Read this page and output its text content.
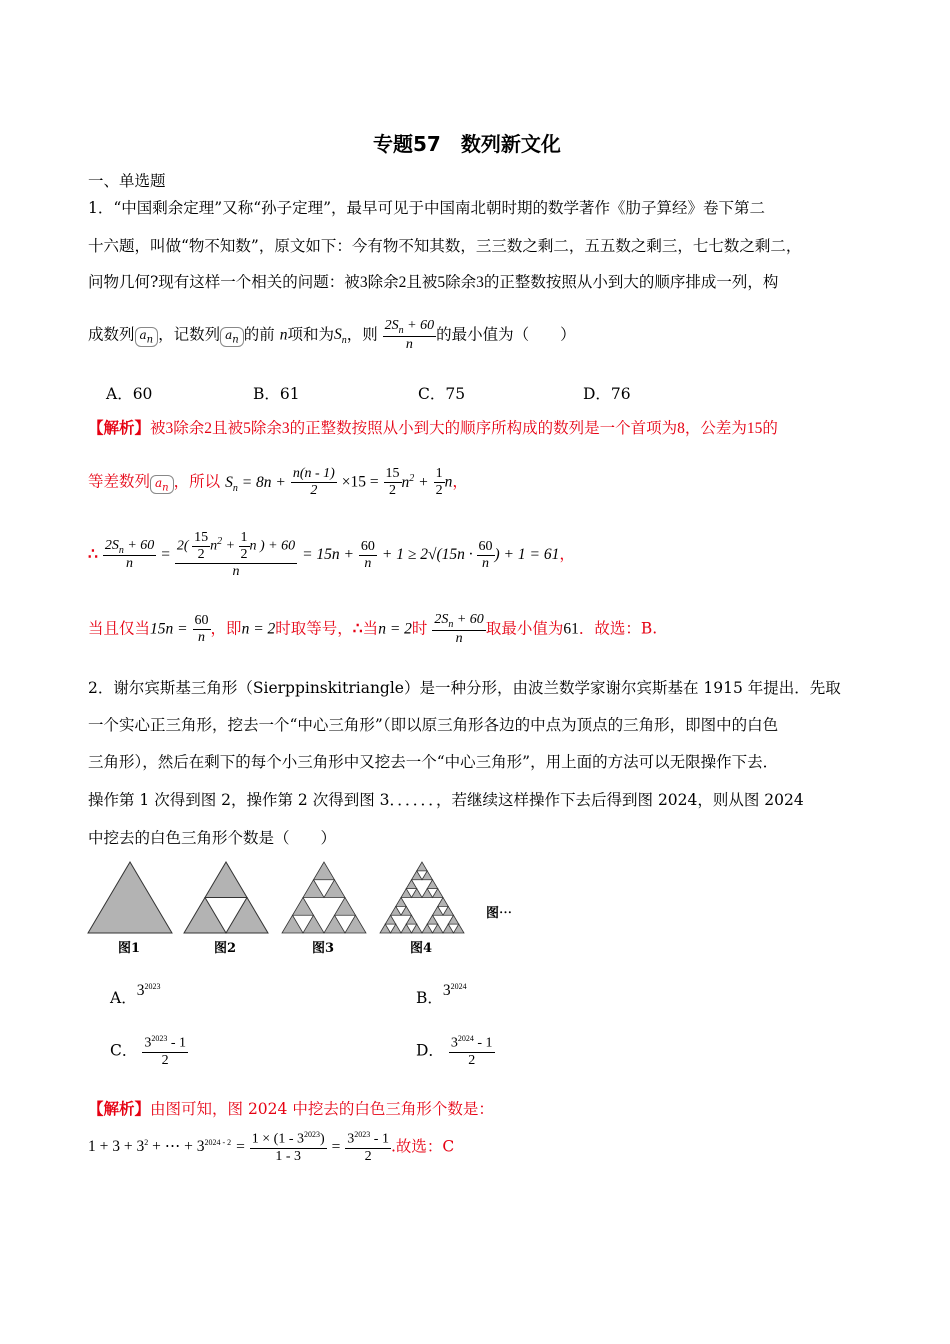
专题57　数列新文化
一、单选题
1．“中国剩余定理”又称“孙子定理”，最早可见于中国南北朝时期的数学著作《肋子算经》卷下第二
十六题，叫做“物不知数”，原文如下：今有物不知其数，三三数之剩二，五五数之剩三，七七数之剩二，
问物几何?现有这样一个相关的问题：被3除余2且被5除余3的正整数按照从小到大的顺序排成一列，构
成数列 $a_n$ ，记数列 $a_n$ 的前 n项和为$S_n$，则 $\frac{2S_n + 60}{n}$ 的最小值为（　　）
A．60	B．61	C．75	D．76
【解析】被3除余2且被5除余3的正整数按照从小到大的顺序所构成的数列是一个首项为8，公差为15的
等差数列 $a_n$ ，所以 $S_n = 8n + \frac{n(n - 1)}{2} \times 15 = \frac{15}{2} n^2 + \frac{1}{2}$ n，
∴ $\frac{2S_n + 60}{n} = \frac{2( \frac{15}{2} n^2 + \frac{1}{2} n ) + 60}{n} = 15n + \frac{60}{n} + 1 \ge 2√(15n \cdot \frac{60}{n}$ ) + 1 = 61，
当且仅当$15n = \frac{60}{n}$ ，即n = 2时取等号，∴当n = 2时 $\frac{2S_n + 60}{n}$ 取最小值为61．故选：B.
2．谢尔宾斯基三角形（Sierppinskitriangle）是一种分形，由波兰数学家谢尔宾斯基在 1915 年提出．先取
一个实心正三角形，挖去一个“中心三角形”（即以原三角形各边的中点为顶点的三角形，即图中的白色
三角形），然后在剩下的每个小三角形中又挖去一个“中心三角形”，用上面的方法可以无限操作下去．
操作第 1 次得到图 2，操作第 2 次得到图 3．．．．．．，若继续这样操作下去后得到图 2024，则从图 2024
中挖去的白色三角形个数是（　　）
图1	图2	图3	图4
图⋯
A．$3^{2023}$
B．$3^{2024}$
C． $\frac{3^{2023} - 1}{2}$	D． $\frac{3^{2024} - 1}{2}$
【解析】由图可知，图 2024 中挖去的白色三角形个数是：
$1 + 3 + 3^2$ + ⋯ + $3^{2024 - 2} = \frac{1 \times (1 - 3^{2023})}{1 - 3} = \frac{3^{2023} - 1}{2}$ .故选：C
